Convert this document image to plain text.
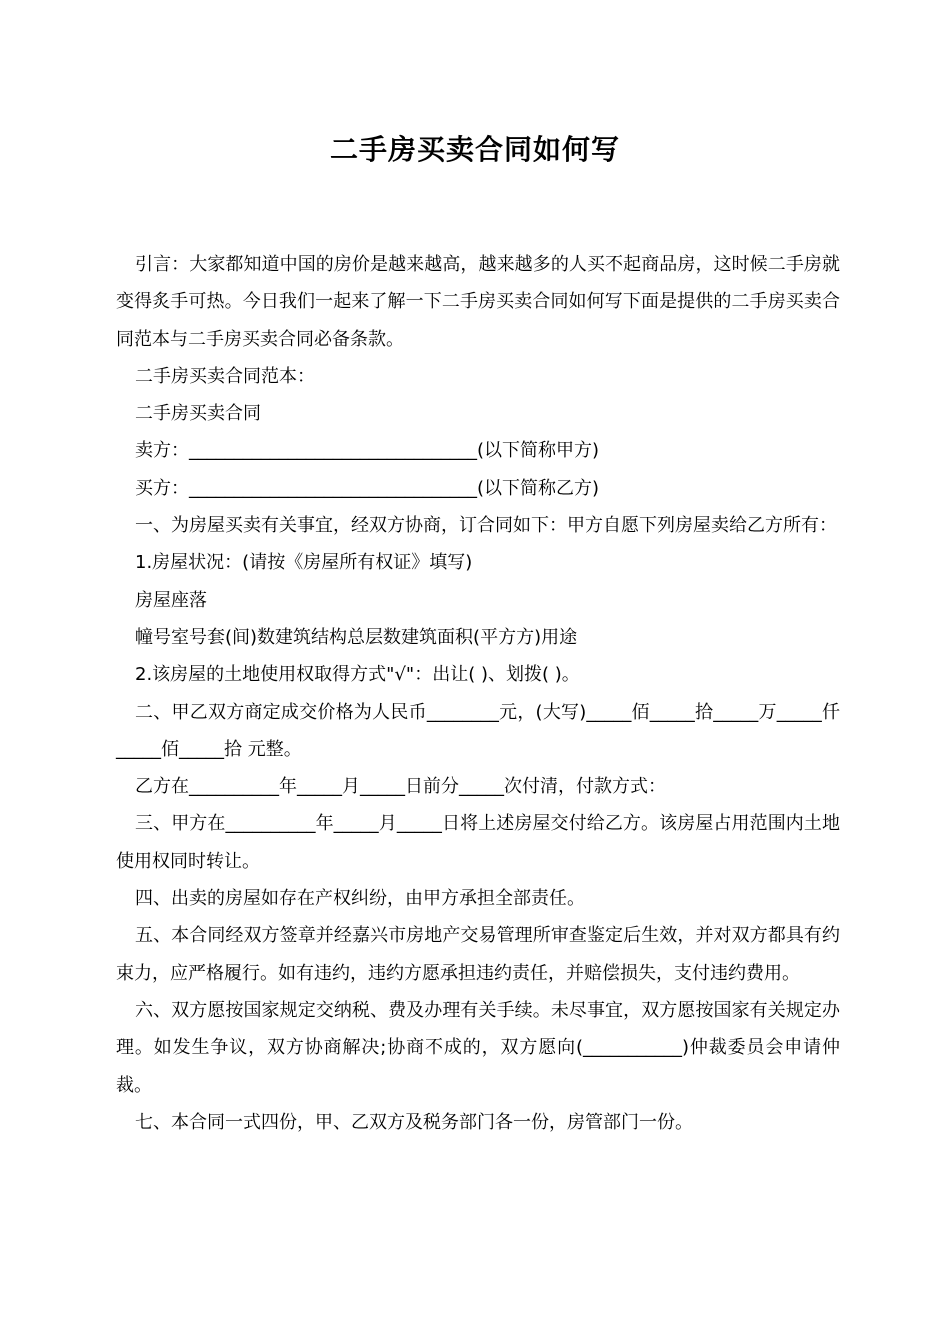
二手房买卖合同如何写

引言：大家都知道中国的房价是越来越高，越来越多的人买不起商品房，这时候二手房就变得炙手可热。今日我们一起来了解一下二手房买卖合同如何写下面是提供的二手房买卖合同范本与二手房买卖合同必备条款。

二手房买卖合同范本：

二手房买卖合同

卖方：________________________________(以下简称甲方)

买方：________________________________(以下简称乙方)

一、为房屋买卖有关事宜，经双方协商，订合同如下：甲方自愿下列房屋卖给乙方所有：

1.房屋状况：(请按《房屋所有权证》填写)

房屋座落

幢号室号套(间)数建筑结构总层数建筑面积(平方方)用途

2.该房屋的土地使用权取得方式"√"：出让( )、划拨( )。

二、甲乙双方商定成交价格为人民币________元，(大写)_____佰_____拾_____万_____仟_____佰_____拾 元整。

乙方在__________年_____月_____日前分_____次付清，付款方式：

三、甲方在__________年_____月_____日将上述房屋交付给乙方。该房屋占用范围内土地使用权同时转让。

四、出卖的房屋如存在产权纠纷，由甲方承担全部责任。

五、本合同经双方签章并经嘉兴市房地产交易管理所审查鉴定后生效，并对双方都具有约束力，应严格履行。如有违约，违约方愿承担违约责任，并赔偿损失，支付违约费用。

六、双方愿按国家规定交纳税、费及办理有关手续。未尽事宜，双方愿按国家有关规定办理。如发生争议，双方协商解决;协商不成的，双方愿向(___________)仲裁委员会申请仲裁。

七、本合同一式四份，甲、乙双方及税务部门各一份，房管部门一份。
